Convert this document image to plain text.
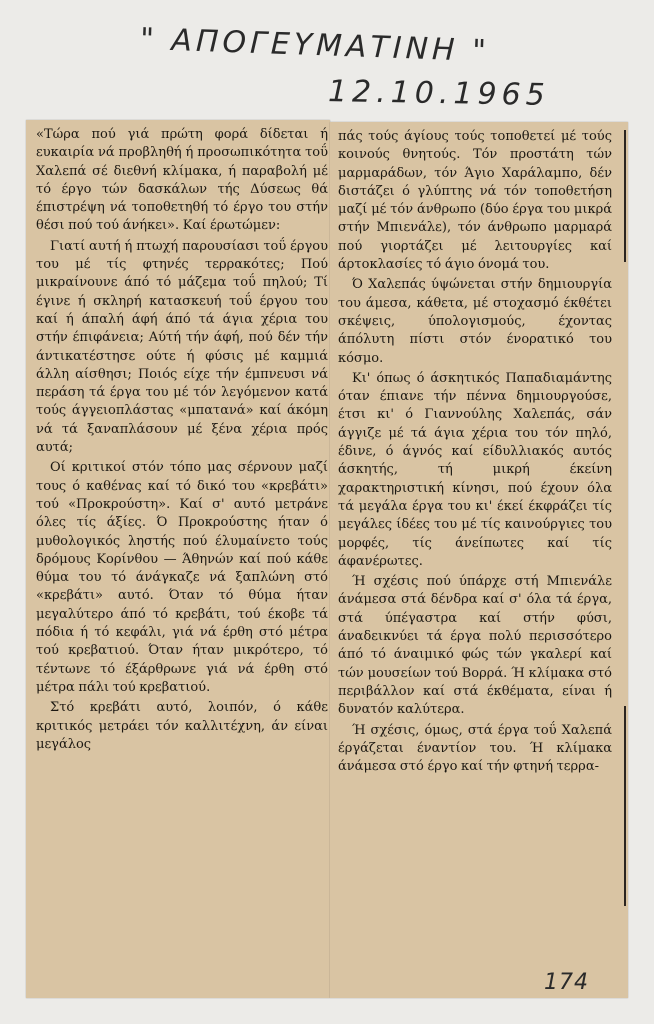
" ΑΠΟΓΕΥΜΑΤΙΝΗ "
12.10.1965

«Τώρα πού γιά πρώτη φορά δίδεται ή ευκαιρία νά προβληθή ή προσωπικότητα τοΰ Χαλεπά σέ διεθνή κλίμακα, ή παραβολή μέ τό έργο τών δασκάλων τής Δύσεως θά έπιστρέψη νά τοποθετηθή τό έργο του στήν θέσι πού τού άνήκει». Καί έρωτώμεν:

Γιατί αυτή ή πτωχή παρουσίασι τοΰ έργου του μέ τίς φτηνές τερρακότες; Πού μικραίνουνε άπό τό μάζεμα τοΰ πηλού; Τί έγινε ή σκληρή κατασκευή τοΰ έργου του καί ή άπαλή άφή άπό τά άγια χέρια του στήν έπιφάνεια; Αύτή τήν άφή, πού δέν τήν άντικατέστησε ούτε ή φύσις μέ καμμιά άλλη αίσθησι; Ποιός είχε τήν έμπνευσι νά περάση τά έργα του μέ τόν λεγόμενον κατά τούς άγγειοπλάστας «μπατανά» καί άκόμη νά τά ξαναπλάσουν μέ ξένα χέρια πρός αυτά;

Οί κριτικοί στόν τόπο μας σέρνουν μαζί τους ό καθένας καί τό δικό του «κρεβάτι» τού «Προκρούστη». Καί σ' αυτό μετράνε όλες τίς άξίες. Ό Προκρούστης ήταν ό μυθολογικός ληστής πού έλυμαίνετο τούς δρόμους Κορίνθου — Άθηνών καί πού κάθε θύμα του τό άνάγκαζε νά ξαπλώνη στό «κρεβάτι» αυτό. Όταν τό θύμα ήταν μεγαλύτερο άπό τό κρεβάτι, τού έκοβε τά πόδια ή τό κεφάλι, γιά νά έρθη στό μέτρα τού κρεβατιού. Όταν ήταν μικρότερο, τό τέντωνε τό έξάρθρωνε γιά νά έρθη στό μέτρα πάλι τού κρεβατιού.

Στό κρεβάτι αυτό, λοιπόν, ό κάθε κριτικός μετράει τόν καλλιτέχνη, άν είναι μεγάλος

πάς τούς άγίους τούς τοποθετεί μέ τούς κοινούς θνητούς. Τόν προστάτη τών μαρμαράδων, τόν Άγιο Χαράλαμπο, δέν διστάζει ό γλύπτης νά τόν τοποθετήση μαζί μέ τόν άνθρωπο (δύο έργα του μικρά στήν Μπιενάλε), τόν άνθρωπο μαρμαρά πού γιορτάζει μέ λειτουργίες καί άρτοκλασίες τό άγιο όνομά του.

Ό Χαλεπάς ύψώνεται στήν δημιουργία του άμεσα, κάθετα, μέ στοχασμό έκθέτει σκέψεις, ύπολογισμούς, έχοντας άπόλυτη πίστι στόν ένορατικό του κόσμο.

Κι' όπως ό άσκητικός Παπαδιαμάντης όταν έπιανε τήν πέννα δημιουργούσε, έτσι κι' ό Γιαννούλης Χαλεπάς, σάν άγγιζε μέ τά άγια χέρια του τόν πηλό, έδινε, ό άγνός καί είδυλλιακός αυτός άσκητής, τή μικρή έκείνη χαρακτηριστική κίνησι, πού έχουν όλα τά μεγάλα έργα του κι' έκεί έκφράζει τίς μεγάλες ίδέες του μέ τίς καινούργιες του μορφές, τίς άνείπωτες καί τίς άφανέρωτες.

Ή σχέσις πού ύπάρχε στή Μπιενάλε άνάμεσα στά δένδρα καί σ' όλα τά έργα, στά ύπέγαστρα καί στήν φύσι, άναδεικνύει τά έργα πολύ περισσότερο άπό τό άναιμικό φώς τών γκαλερί καί τών μουσείων τού Βορρά. Ή κλίμακα στό περιβάλλον καί στά έκθέματα, είναι ή δυνατόν καλύτερα.

Ή σχέσις, όμως, στά έργα τοΰ Χαλεπά έργάζεται έναντίον του. Ή κλίμακα άνάμεσα στό έργο καί τήν φτηνή τερρα-

174
